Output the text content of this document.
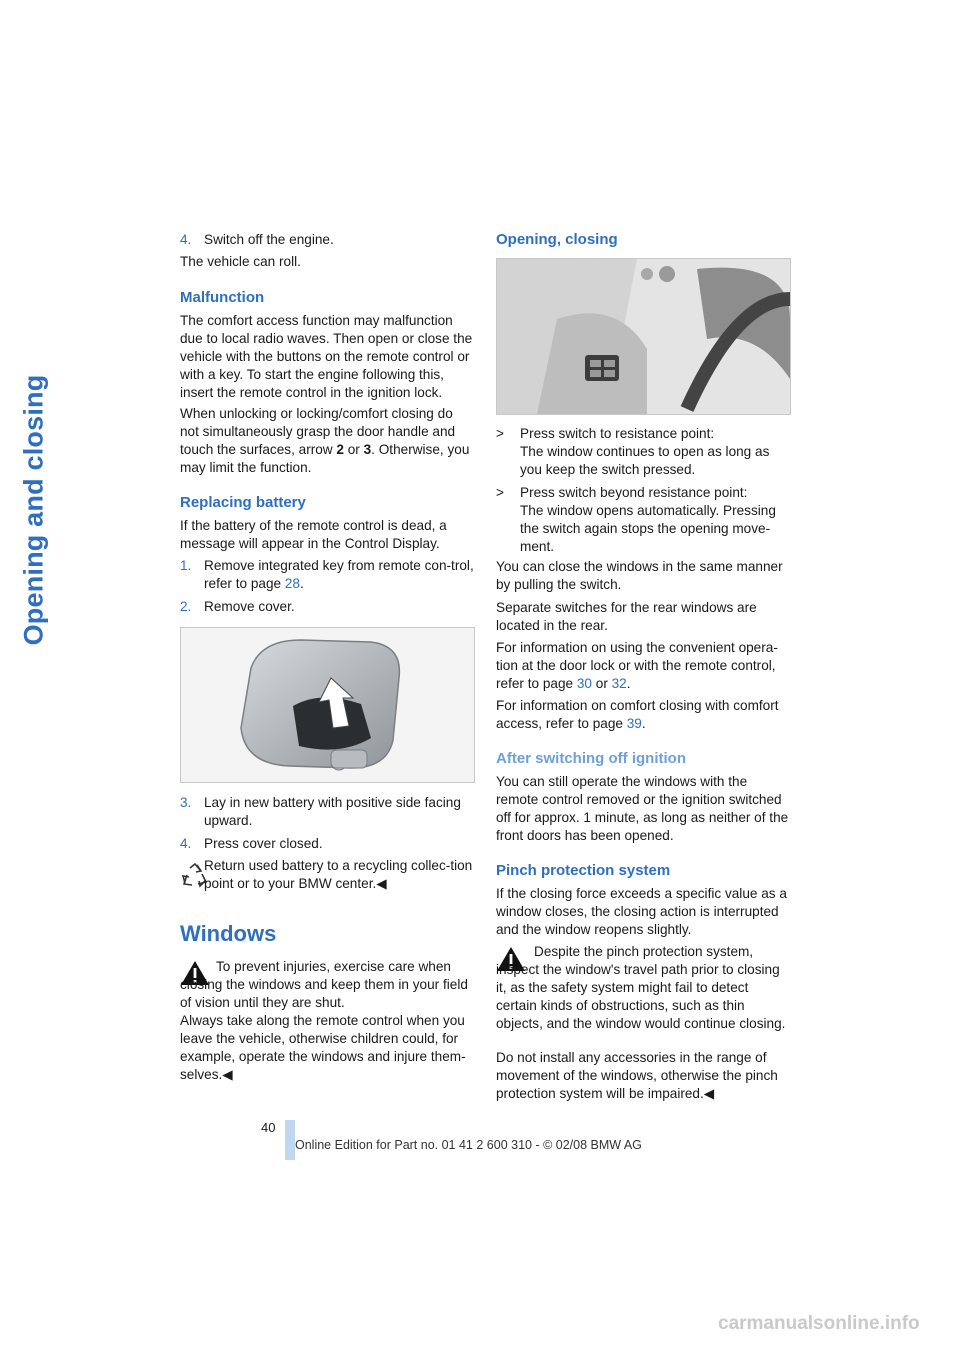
Opening and closing
4. Switch off the engine.

The vehicle can roll.

Malfunction

The comfort access function may malfunction due to local radio waves. Then open or close the vehicle with the buttons on the remote control or with a key. To start the engine following this, insert the remote control in the ignition lock.

When unlocking or locking/comfort closing do not simultaneously grasp the door handle and touch the surfaces, arrow 2 or 3. Otherwise, you may limit the function.

Replacing battery

If the battery of the remote control is dead, a message will appear in the Control Display.

1. Remove integrated key from remote con-trol, refer to page 28.
2. Remove cover.
3. Lay in new battery with positive side facing upward.
4. Press cover closed.

Return used battery to a recycling collec-tion point or to your BMW center.◀

Windows

To prevent injuries, exercise care when closing the windows and keep them in your field of vision until they are shut.

Always take along the remote control when you leave the vehicle, otherwise children could, for example, operate the windows and injure them-selves.◀

Opening, closing
> Press switch to resistance point:

The window continues to open as long as you keep the switch pressed.

> Press switch beyond resistance point:

The window opens automatically. Pressing the switch again stops the opening move-ment.

You can close the windows in the same manner by pulling the switch.

Separate switches for the rear windows are located in the rear.

For information on using the convenient opera-tion at the door lock or with the remote control, refer to page 30 or 32.

For information on comfort closing with comfort access, refer to page 39.

After switching off ignition

You can still operate the windows with the remote control removed or the ignition switched off for approx. 1 minute, as long as neither of the front doors has been opened.

Pinch protection system

If the closing force exceeds a specific value as a window closes, the closing action is interrupted and the window reopens slightly.

Despite the pinch protection system, inspect the window's travel path prior to closing it, as the safety system might fail to detect certain kinds of obstructions, such as thin objects, and the window would continue closing.

Do not install any accessories in the range of movement of the windows, otherwise the pinch protection system will be impaired.◀

40
Online Edition for Part no. 01 41 2 600 310 - © 02/08 BMW AG
carmanualsonline.info
